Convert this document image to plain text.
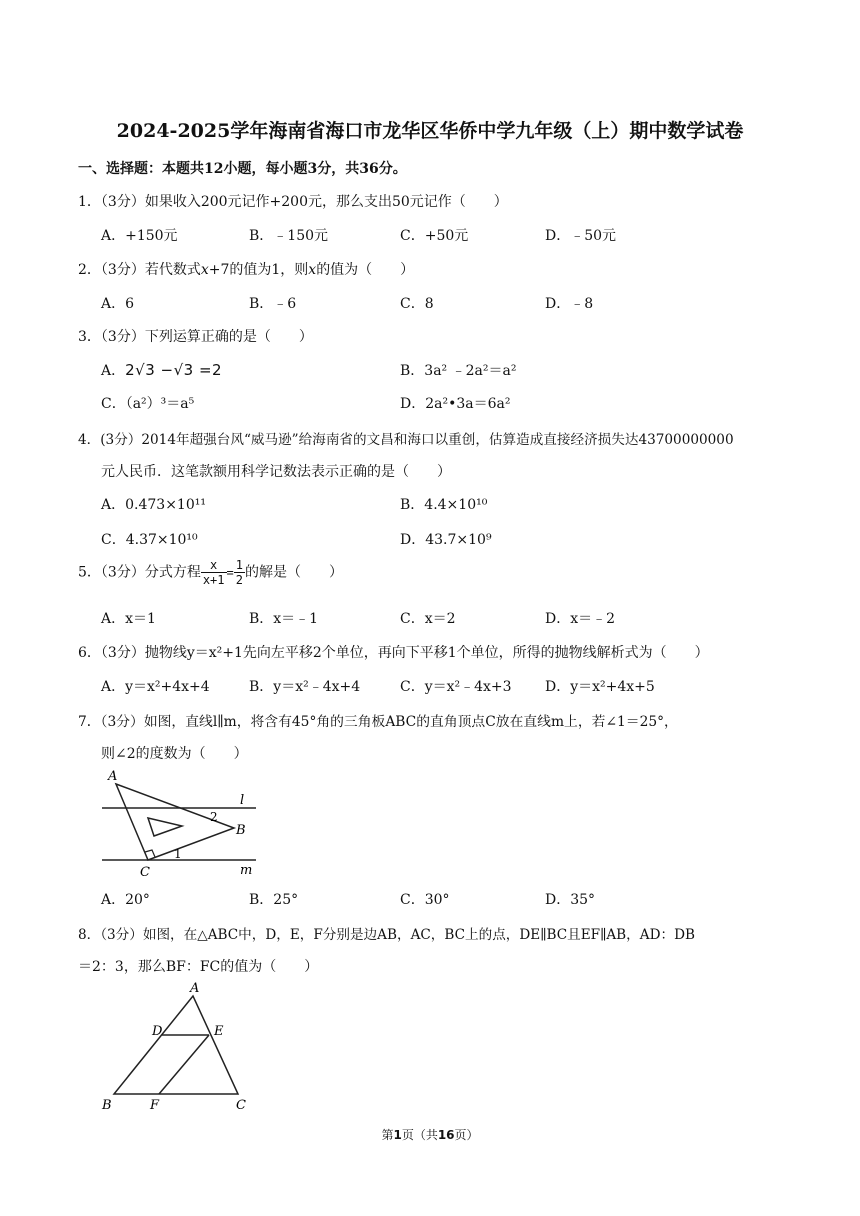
2024-2025学年海南省海口市龙华区华侨中学九年级（上）期中数学试卷
一、选择题：本题共12小题，每小题3分，共36分。
1．（3分）如果收入200元记作+200元，那么支出50元记作（　　）
A．+150元	B．﹣150元	C．+50元	D．﹣50元
2．（3分）若代数式x+7的值为1，则x的值为（　　）
A．6	B．﹣6	C．8	D．﹣8
3．（3分）下列运算正确的是（　　）
A．2√3 −√3 =2	B．3a² ﹣2a²＝a²
C．（a²）³＝a⁵	D．2a²•3a＝6a²
4．(3分）2014年超强台风“威马逊”给海南省的文昌和海口以重创，估算造成直接经济损失达43700000000
元人民币．这笔款额用科学记数法表示正确的是（　　）
A．0.473×10¹¹	B．4.4×10¹⁰
C．4.37×10¹⁰	D．43.7×10⁹
5．（3分）分式方程 $\frac{x}{x+1} = \frac{1}{2}$ 的解是（　　）
A．x＝1	B．x＝﹣1	C．x＝2	D．x＝﹣2
6．（3分）抛物线y＝x²+1先向左平移2个单位，再向下平移1个单位，所得的抛物线解析式为（　　）
A．y＝x²+4x+4	B．y＝x²﹣4x+4	C．y＝x²﹣4x+3 D．y＝x²+4x+5
7．（3分）如图，直线l∥m，将含有45°角的三角板ABC的直角顶点C放在直线m上，若∠1＝25°，
则∠2的度数为（　　）
A
B
C
l
m
1
2
A．20°	B．25°	C．30°	D．35°
8．（3分）如图，在△ABC中，D，E，F分别是边AB，AC，BC上的点，DE∥BC且EF∥AB，AD：DB
＝2：3，那么BF：FC的值为（　　）
A
B	C
D	E
F
第1页（共16页）
